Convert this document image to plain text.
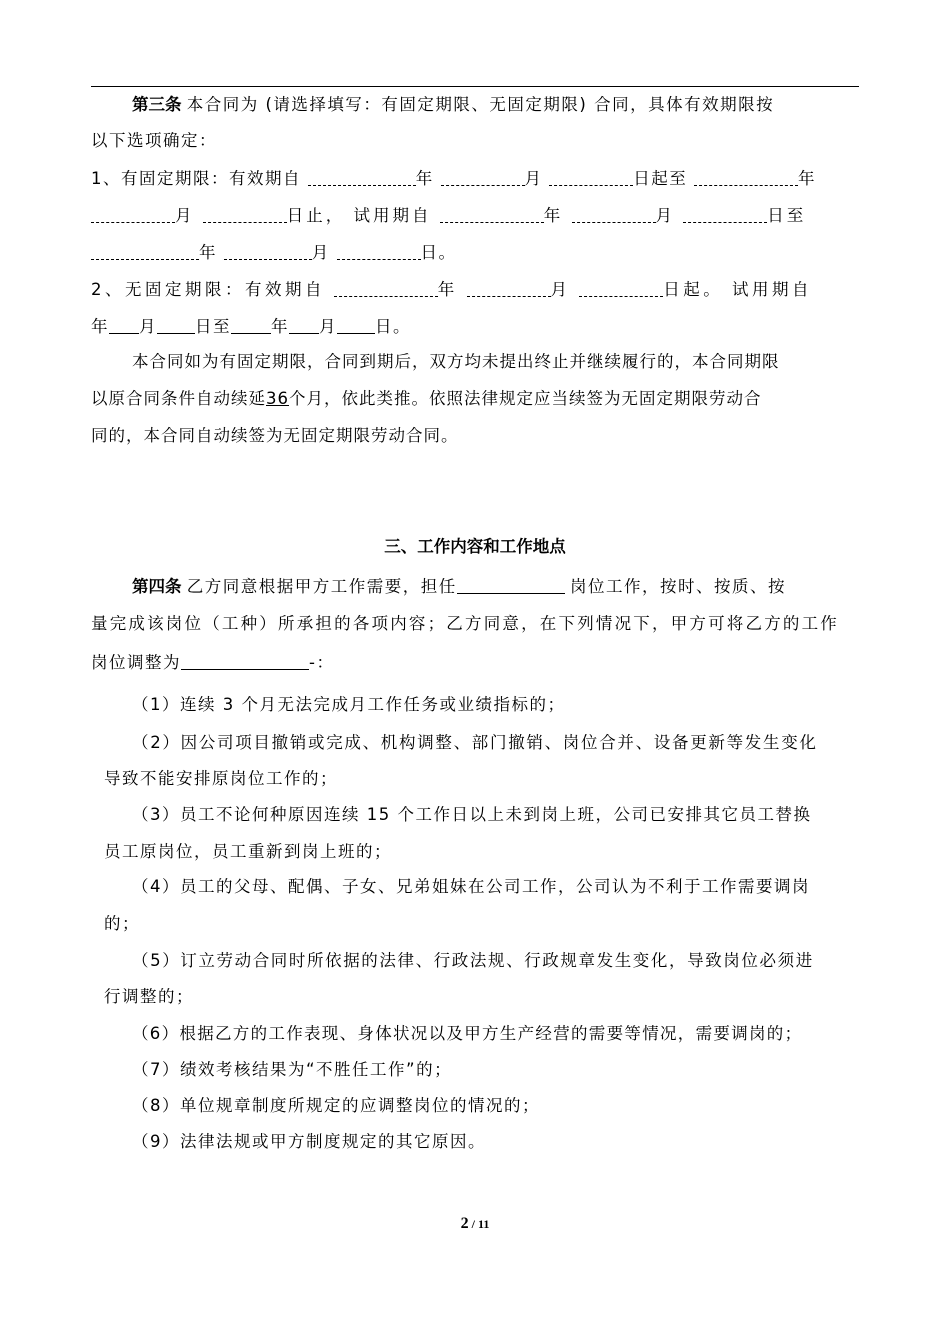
第三条 本合同为 (请选择填写：有固定期限、无固定期限) 合同，具体有效期限按
以下选项确定：
1、有固定期限：有效期自	年	月	日起至	年
月	日止， 试用期自	年	月	日至
年	月	日。
2、无固定期限：有效期自	年	月	日起。 试用期自
年 月 日至 年 月 日。
本合同如为有固定期限，合同到期后，双方均未提出终止并继续履行的，本合同期限
以原合同条件自动续延36个月，依此类推。依照法律规定应当续签为无固定期限劳动合
同的，本合同自动续签为无固定期限劳动合同。
三、工作内容和工作地点
第四条 乙方同意根据甲方工作需要，担任	岗位工作，按时、按质、按
量完成该岗位（工种）所承担的各项内容；乙方同意，在下列情况下，甲方可将乙方的工作
岗位调整为	-：
（1）连续 3 个月无法完成月工作任务或业绩指标的；
（2）因公司项目撤销或完成、机构调整、部门撤销、岗位合并、设备更新等发生变化
导致不能安排原岗位工作的；
（3）员工不论何种原因连续 15 个工作日以上未到岗上班，公司已安排其它员工替换
员工原岗位，员工重新到岗上班的；
（4）员工的父母、配偶、子女、兄弟姐妹在公司工作，公司认为不利于工作需要调岗
的；
（5）订立劳动合同时所依据的法律、行政法规、行政规章发生变化，导致岗位必须进
行调整的；
（6）根据乙方的工作表现、身体状况以及甲方生产经营的需要等情况，需要调岗的；
（7）绩效考核结果为“不胜任工作”的；
（8）单位规章制度所规定的应调整岗位的情况的；
（9）法律法规或甲方制度规定的其它原因。
2 / 11
